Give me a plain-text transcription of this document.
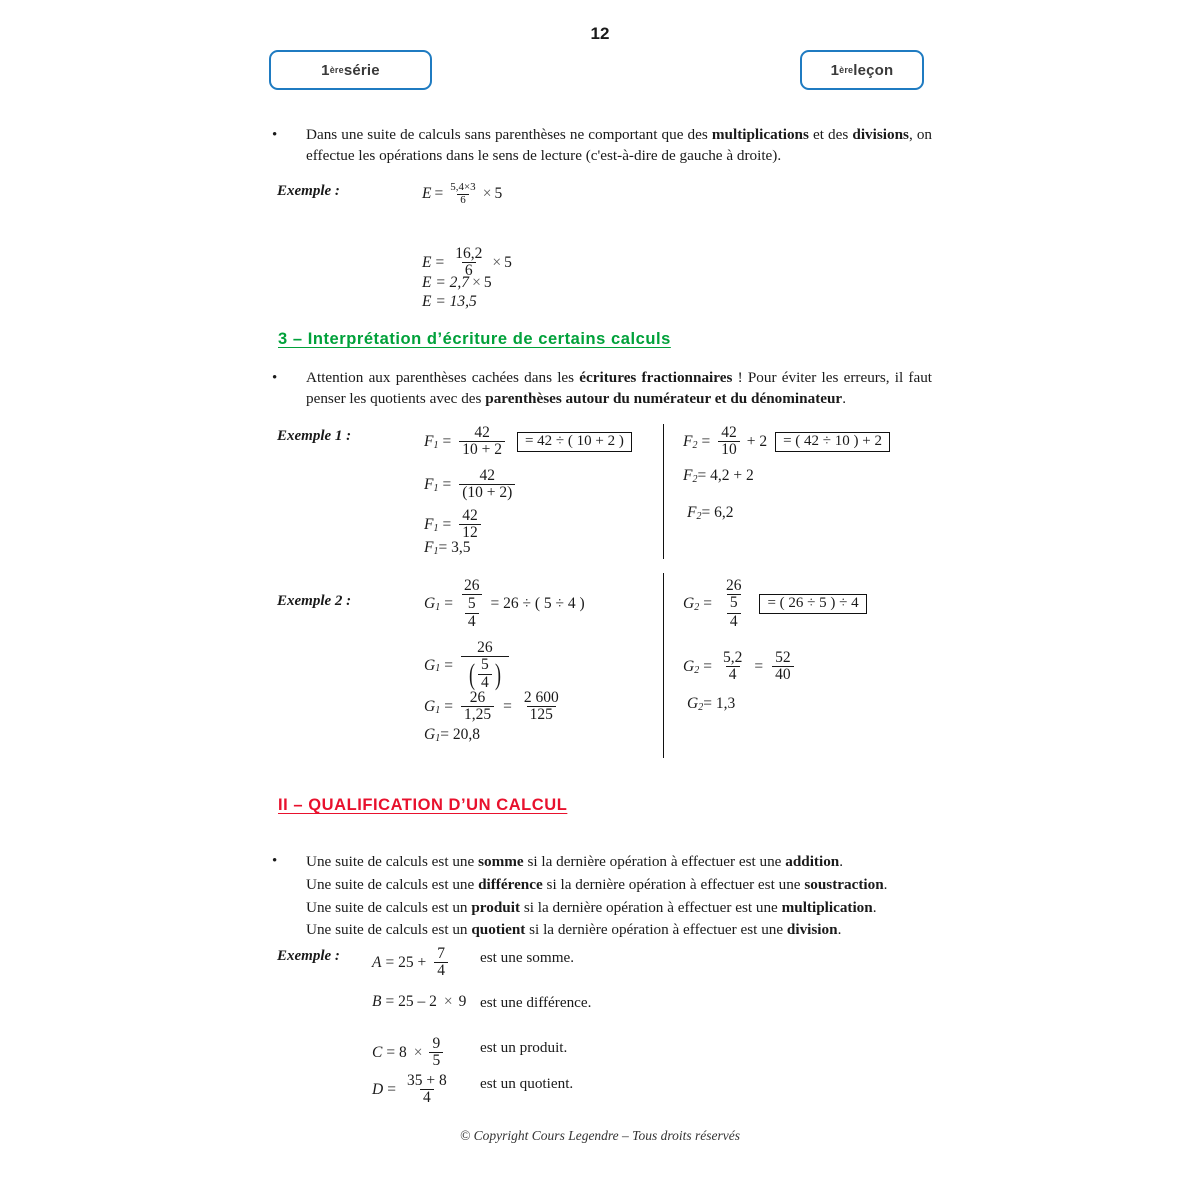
12
1 ère série	1 ère leçon
• Dans une suite de calculs sans parenthèses ne comportant que des multiplications et des divisions, on effectue les opérations dans le sens de lecture (c'est-à-dire de gauche à droite).
Exemple :	$E = \frac{5,4\times 3}{6} \times 5$
$E = \frac{16,2}{6} \times 5$
E = 2,7 × 5
E = 13,5
3 – Interprétation d’écriture de certains calculs
• Attention aux parenthèses cachées dans les écritures fractionnaires ! Pour éviter les erreurs, il faut penser les quotients avec des parenthèses autour du numérateur et du dénominateur.
Exemple 1 :	F $1 = \frac{42}{10 + 2}$	= 42 ÷ ( 10 + 2 )
F $1 = \frac{42}{(10 + 2)}$
F $1 = \frac{42}{12}$
F 1 = 3,5
F $2 = \frac{42}{10} + 2$	= ( 42 ÷ 10 ) + 2
F 2 = 4,2 + 2
F 2 = 6,2
Exemple 2 :	G $1 = \frac{26}{\frac{5}{4}} = 26$ ÷ ( 5 ÷ 4 )
G 1 =
26
( $\frac{5}{4}$ )
G $1 = \frac{26}{1,25} = \frac{2 600}{125}$
G 1 = 20,8
G $2 = \frac{\frac{26}{5}}{4}$	= ( 26 ÷ 5 ) ÷ 4
G $2 = \frac{5,2}{4} = \frac{52}{40}$
G 2 = 1,3
II – QUALIFICATION D’UN CALCUL
• Une suite de calculs est une somme si la dernière opération à effectuer est une addition.
Une suite de calculs est une différence si la dernière opération à effectuer est une soustraction.
Une suite de calculs est un produit si la dernière opération à effectuer est une multiplication.
Une suite de calculs est un quotient si la dernière opération à effectuer est une division.
Exemple : $A = 25 + \frac{7}{4}$ est une somme.
B = 25 – 2 × 9 est une différence.
$C = 8 \times \frac{9}{5}$ est un produit.
$D = \frac{35 + 8}{4}$ est un quotient.
© Copyright Cours Legendre – Tous droits réservés
